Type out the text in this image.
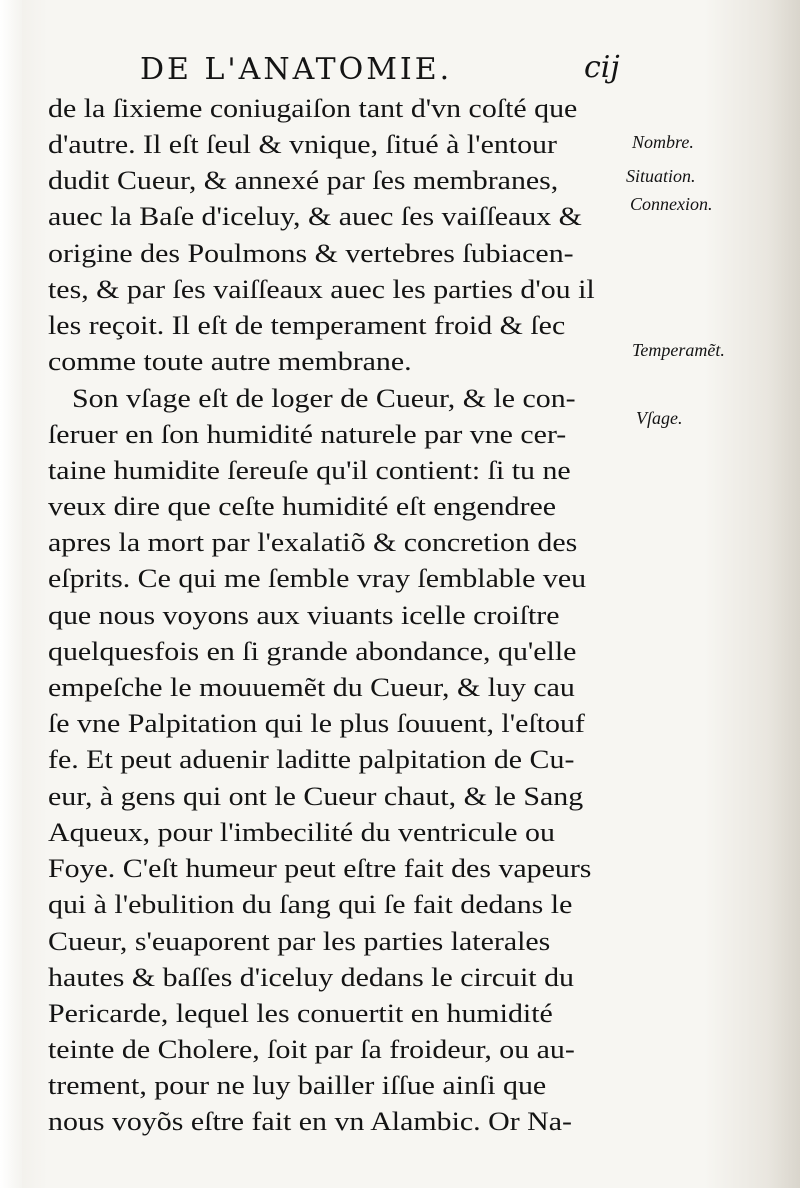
DE L'ANATOMIE.	cij
de la ſixieme coniugaiſon tant d'vn coſté que
d'autre. Il eſt ſeul & vnique, ſitué à l'entour
dudit Cueur, & annexé par ſes membranes,
auec la Baſe d'iceluy, & auec ſes vaiſſeaux &
origine des Poulmons & vertebres ſubiacen-
tes, & par ſes vaiſſeaux auec les parties d'ou il
les reçoit. Il eſt de temperament froid & ſec
comme toute autre membrane.
Son vſage eſt de loger de Cueur, & le con-
ſeruer en ſon humidité naturele par vne cer-
taine humidite ſereuſe qu'il contient: ſi tu ne
veux dire que ceſte humidité eſt engendree
apres la mort par l'exalatiõ & concretion des
eſprits. Ce qui me ſemble vray ſemblable veu
que nous voyons aux viuants icelle croiſtre
quelquesfois en ſi grande abondance, qu'elle
empeſche le mouuemẽt du Cueur, & luy cau
ſe vne Palpitation qui le plus ſouuent, l'eſtouf
fe. Et peut aduenir laditte palpitation de Cu-
eur, à gens qui ont le Cueur chaut, & le Sang
Aqueux, pour l'imbecilité du ventricule ou
Foye. C'eſt humeur peut eſtre fait des vapeurs
qui à l'ebulition du ſang qui ſe fait dedans le
Cueur, s'euaporent par les parties laterales
hautes & baſſes d'iceluy dedans le circuit du
Pericarde, lequel les conuertit en humidité
teinte de Cholere, ſoit par ſa froideur, ou au-
trement, pour ne luy bailler iſſue ainſi que
nous voyõs eſtre fait en vn Alambic. Or Na-
Nombre.
Situation.
Connexion.
Temperamẽt.
Vſage.
